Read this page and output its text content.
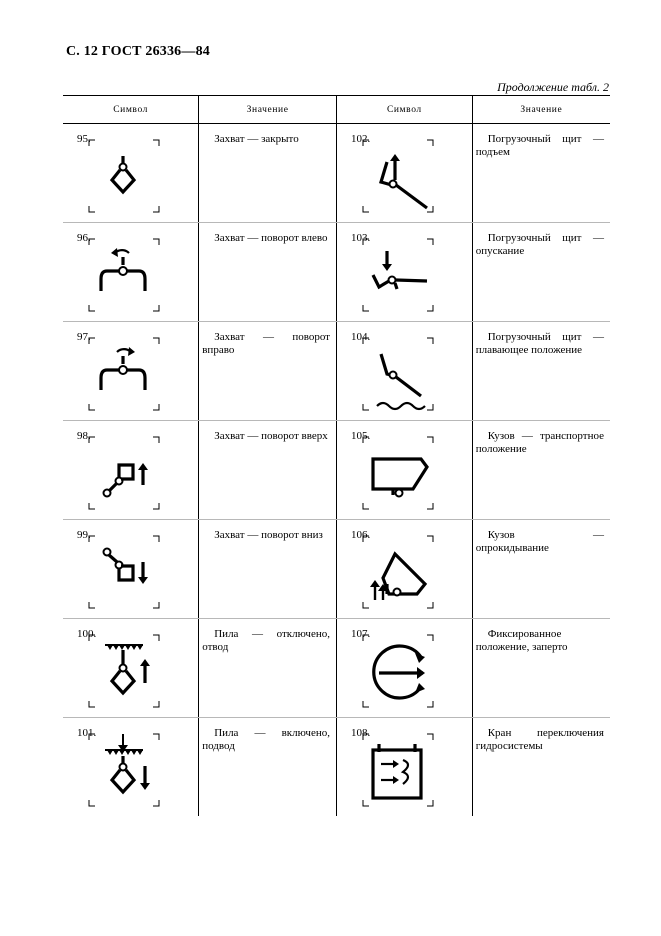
С. 12 ГОСТ 26336—84
Продолжение табл. 2
Символ	Значение	Символ	Значение

95.	Захват — закрыто	102.	Погрузочный щит — подъем

96.	Захват — поворот влево	103.	Погрузочный щит — опускание

97.	Захват — поворот вправо	104.	Погрузочный щит — плавающее положение

98.	Захват — поворот вверх	105.	Кузов — транспортное положение

99.	Захват — поворот вниз	106.	Кузов — опрокидывание

100.	Пила — отключено, отвод	107.	Фиксированное положение, заперто

101.	Пила — включено, подвод	108.	Кран переключения гидросистемы
